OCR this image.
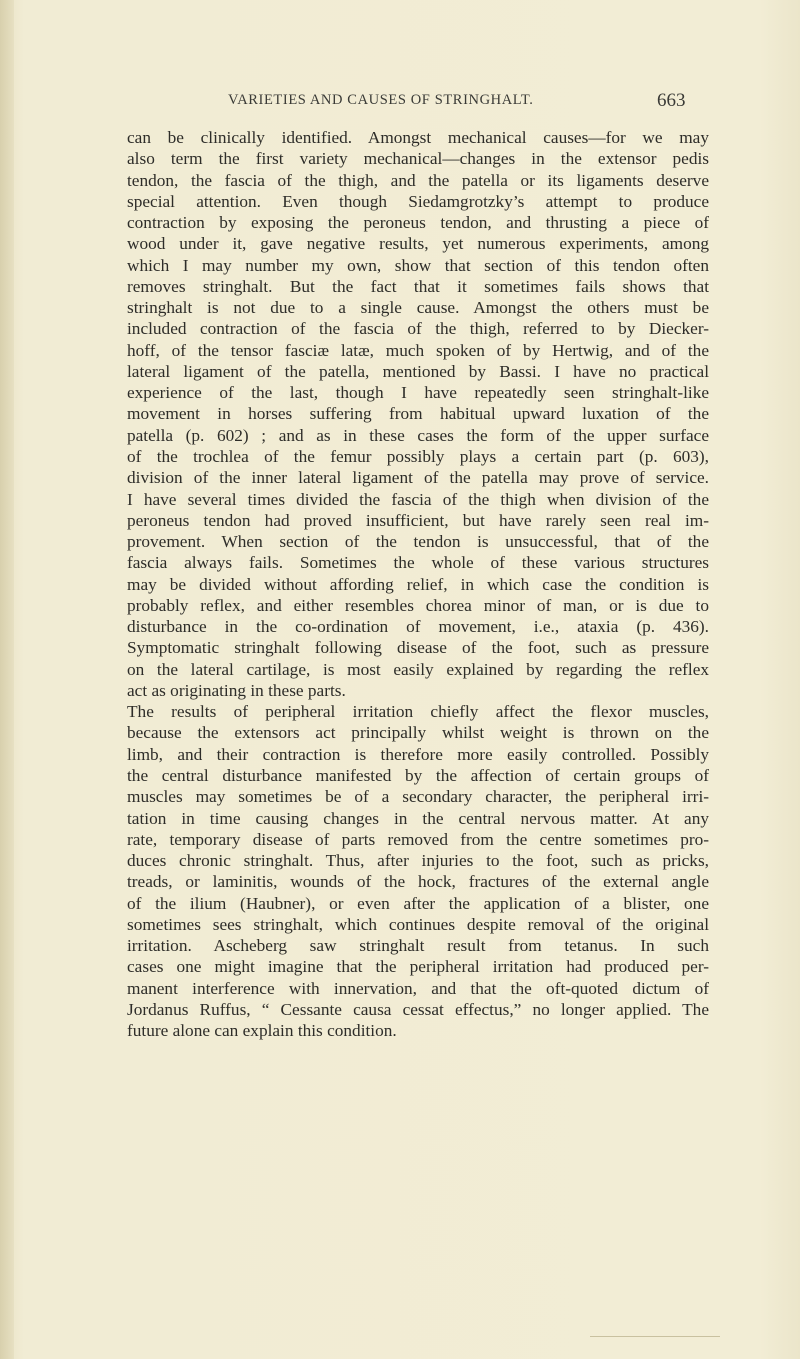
VARIETIES AND CAUSES OF STRINGHALT.	663
can be clinically identified. Amongst mechanical causes—for we may
also term the first variety mechanical—changes in the extensor pedis
tendon, the fascia of the thigh, and the patella or its ligaments deserve
special attention. Even though Siedamgrotzky’s attempt to produce
contraction by exposing the peroneus tendon, and thrusting a piece of
wood under it, gave negative results, yet numerous experiments, among
which I may number my own, show that section of this tendon often
removes stringhalt. But the fact that it sometimes fails shows that
stringhalt is not due to a single cause. Amongst the others must be
included contraction of the fascia of the thigh, referred to by Diecker-
hoff, of the tensor fasciæ latæ, much spoken of by Hertwig, and of the
lateral ligament of the patella, mentioned by Bassi. I have no practical
experience of the last, though I have repeatedly seen stringhalt-like
movement in horses suffering from habitual upward luxation of the
patella (p. 602) ; and as in these cases the form of the upper surface
of the trochlea of the femur possibly plays a certain part (p. 603),
division of the inner lateral ligament of the patella may prove of service.
I have several times divided the fascia of the thigh when division of the
peroneus tendon had proved insufficient, but have rarely seen real im-
provement. When section of the tendon is unsuccessful, that of the
fascia always fails. Sometimes the whole of these various structures
may be divided without affording relief, in which case the condition is
probably reflex, and either resembles chorea minor of man, or is due to
disturbance in the co-ordination of movement, i.e., ataxia (p. 436).
Symptomatic stringhalt following disease of the foot, such as pressure
on the lateral cartilage, is most easily explained by regarding the reflex
act as originating in these parts.
The results of peripheral irritation chiefly affect the flexor muscles,
because the extensors act principally whilst weight is thrown on the
limb, and their contraction is therefore more easily controlled. Possibly
the central disturbance manifested by the affection of certain groups of
muscles may sometimes be of a secondary character, the peripheral irri-
tation in time causing changes in the central nervous matter. At any
rate, temporary disease of parts removed from the centre sometimes pro-
duces chronic stringhalt. Thus, after injuries to the foot, such as pricks,
treads, or laminitis, wounds of the hock, fractures of the external angle
of the ilium (Haubner), or even after the application of a blister, one
sometimes sees stringhalt, which continues despite removal of the original
irritation. Ascheberg saw stringhalt result from tetanus. In such
cases one might imagine that the peripheral irritation had produced per-
manent interference with innervation, and that the oft-quoted dictum of
Jordanus Ruffus, “ Cessante causa cessat effectus,” no longer applied. The
future alone can explain this condition.
